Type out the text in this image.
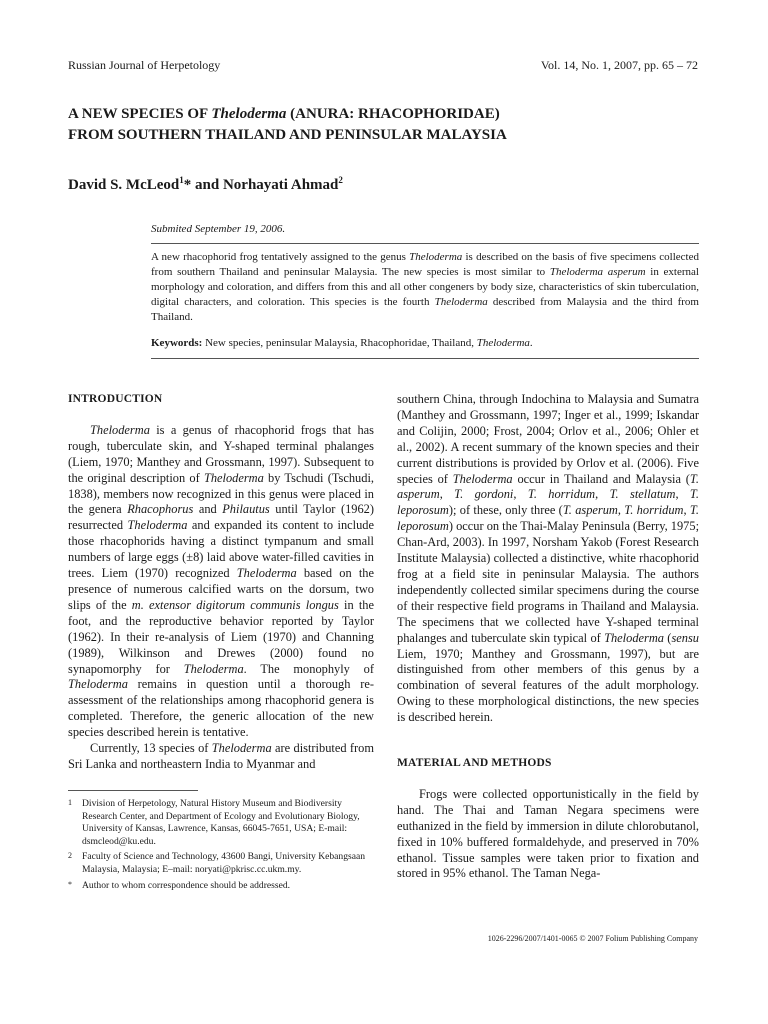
Russian Journal of Herpetology	Vol. 14, No. 1, 2007, pp. 65 – 72
A NEW SPECIES OF Theloderma (ANURA: RHACOPHORIDAE)
FROM SOUTHERN THAILAND AND PENINSULAR MALAYSIA
David S. McLeod$^1$* and Norhayati Ahmad$^2$
Submited September 19, 2006.
A new rhacophorid frog tentatively assigned to the genus Theloderma is described on the basis of five specimens collected from southern Thailand and peninsular Malaysia. The new species is most similar to Theloderma asperum in external morphology and coloration, and differs from this and all other congeners by body size, characteristics of skin tuberculation, digital characters, and coloration. This species is the fourth Theloderma described from Malaysia and the third from Thailand.
Keywords: New species, peninsular Malaysia, Rhacophoridae, Thailand, Theloderma.
INTRODUCTION

Theloderma is a genus of rhacophorid frogs that has rough, tuberculate skin, and Y-shaped terminal phalanges (Liem, 1970; Manthey and Grossmann, 1997). Subsequent to the original description of Theloderma by Tschudi (Tschudi, 1838), members now recognized in this genus were placed in the genera Rhacophorus and Philautus until Taylor (1962) resurrected Theloderma and expanded its content to include those rhacophorids having a distinct tympanum and small numbers of large eggs (±8) laid above water-filled cavities in trees. Liem (1970) recognized Theloderma based on the presence of numerous calcified warts on the dorsum, two slips of the m. extensor digitorum communis longus in the foot, and the reproductive behavior reported by Taylor (1962). In their re-analysis of Liem (1970) and Channing (1989), Wilkinson and Drewes (2000) found no synapomorphy for Theloderma. The monophyly of Theloderma remains in question until a thorough re-assessment of the relationships among rhacophorid genera is completed. Therefore, the generic allocation of the new species described herein is tentative.

Currently, 13 species of Theloderma are distributed from Sri Lanka and northeastern India to Myanmar and

1 Division of Herpetology, Natural History Museum and Biodiversity Research Center, and Department of Ecology and Evolutionary Biology, University of Kansas, Lawrence, Kansas, 66045-7651, USA; E-mail: dsmcleod@ku.edu.
2 Faculty of Science and Technology, 43600 Bangi, University Kebangsaan Malaysia, Malaysia; E–mail: noryati@pkrisc.cc.ukm.my.
* Author to whom correspondence should be addressed.

southern China, through Indochina to Malaysia and Sumatra (Manthey and Grossmann, 1997; Inger et al., 1999; Iskandar and Colijin, 2000; Frost, 2004; Orlov et al., 2006; Ohler et al., 2002). A recent summary of the known species and their current distributions is provided by Orlov et al. (2006). Five species of Theloderma occur in Thailand and Malaysia (T. asperum, T. gordoni, T. horridum, T. stellatum, T. leporosum); of these, only three (T. asperum, T. horridum, T. leporosum) occur on the Thai-Malay Peninsula (Berry, 1975; Chan-Ard, 2003). In 1997, Norsham Yakob (Forest Research Institute Malaysia) collected a distinctive, white rhacophorid frog at a field site in peninsular Malaysia. The authors independently collected similar specimens during the course of their respective field programs in Thailand and Malaysia. The specimens that we collected have Y-shaped terminal phalanges and tuberculate skin typical of Theloderma (sensu Liem, 1970; Manthey and Grossmann, 1997), but are distinguished from other members of this genus by a combination of several features of the adult morphology. Owing to these morphological distinctions, the new species is described herein.

MATERIAL AND METHODS

Frogs were collected opportunistically in the field by hand. The Thai and Taman Negara specimens were euthanized in the field by immersion in dilute chlorobutanol, fixed in 10% buffered formaldehyde, and preserved in 70% ethanol. Tissue samples were taken prior to fixation and stored in 95% ethanol. The Taman Nega-

1026-2296/2007/1401-0065 © 2007 Folium Publishing Company
